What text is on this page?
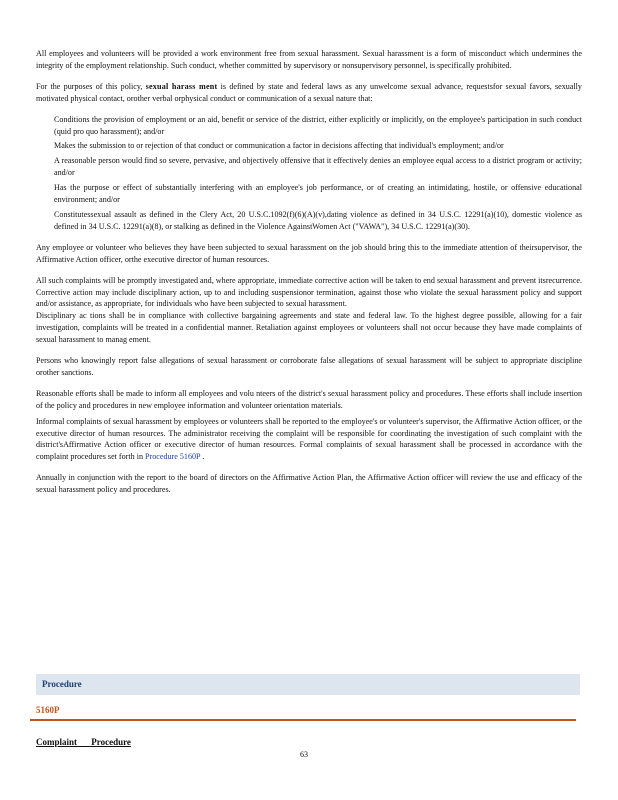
All employees and volunteers will be provided a work environment free from sexual harassment. Sexual harassment is a form of misconduct which undermines the integrity of the employment relationship. Such conduct, whether committed by supervisory or nonsupervisory personnel, is specifically prohibited.

For the purposes of this policy, sexual harass ment is defined by state and federal laws as any unwelcome sexual advance, requestsfor sexual favors, sexually motivated physical contact, orother verbal orphysical conduct or communication of a sexual nature that:

Conditions the provision of employment or an aid, benefit or service of the district, either explicitly or implicitly, on the employee's participation in such conduct (quid pro quo harassment); and/or

Makes the submission to or rejection of that conduct or communication a factor in decisions affecting that individual's employment; and/or

A reasonable person would find so severe, pervasive, and objectively offensive that it effectively denies an employee equal access to a district program or activity; and/or

Has the purpose or effect of substantially interfering with an employee's job performance, or of creating an intimidating, hostile, or offensive educational environment; and/or

Constitutessexual assault as defined in the Clery Act, 20 U.S.C.1092(f)(6)(A)(v),dating violence as defined in 34 U.S.C. 12291(a)(10), domestic violence as defined in 34 U.S.C. 12291(a)(8), or stalking as defined in the Violence AgainstWomen Act ("VAWA"), 34 U.S.C. 12291(a)(30).

Any employee or volunteer who believes they have been subjected to sexual harassment on the job should bring this to the immediate attention of theirsupervisor, the Affirmative Action officer, orthe executive director of human resources.

All such complaints will be promptly investigated and, where appropriate, immediate corrective action will be taken to end sexual harassment and prevent itsrecurrence. Corrective action may include disciplinary action, up to and including suspensionor termination, against those who violate the sexual harassment policy and support and/or assistance, as appropriate, for individuals who have been subjected to sexual harassment.

Disciplinary ac tions shall be in compliance with collective bargaining agreements and state and federal law. To the highest degree possible, allowing for a fair investigation, complaints will be treated in a confidential manner. Retaliation against employees or volunteers shall not occur because they have made complaints of sexual harassment to manag ement.

Persons who knowingly report false allegations of sexual harassment or corroborate false allegations of sexual harassment will be subject to appropriate discipline orother sanctions.

Reasonable efforts shall be made to inform all employees and volu nteers of the district's sexual harassment policy and procedures. These efforts shall include insertion of the policy and procedures in new employee information and volunteer orientation materials.

Informal complaints of sexual harassment by employees or volunteers shall be reported to the employee's or volunteer's supervisor, the Affirmative Action officer, or the executive director of human resources. The administrator receiving the complaint will be responsible for coordinating the investigation of such complaint with the district'sAffirmative Action officer or executive director of human resources. Formal complaints of sexual harassment shall be processed in accordance with the complaint procedures set forth in Procedure 5160P .

Annually in conjunction with the report to the board of directors on the Affirmative Action Plan, the Affirmative Action officer will review the use and efficacy of the sexual harassment policy and procedures.

Procedure
5160P
Complaint Procedure
63
